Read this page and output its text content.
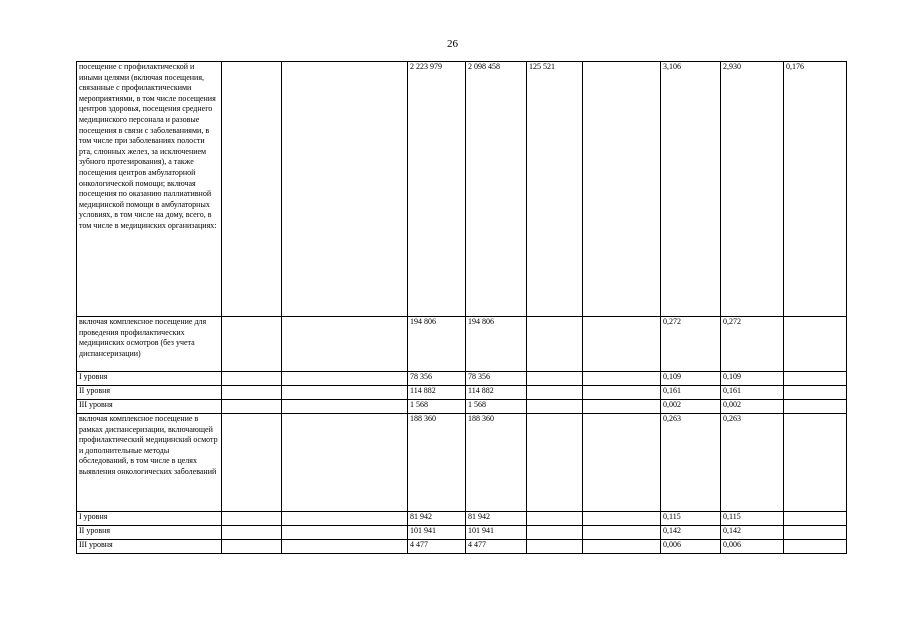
26
посещение с профилактической и иными целями (включая посещения, связанные с профилактическими мероприятиями, в том числе посещения центров здоровья, посещения среднего медицинского персонала и разовые посещения в связи с заболеваниями, в том числе при заболеваниях полости рта, слюнных желез, за исключением зубного протезирования), а также посещения центров амбулаторной онкологической помощи; включая посещения по оказанию паллиативной медицинской помощи в амбулаторных условиях, в том числе на дому, всего, в том числе в медицинских организациях:			2 223 979	2 098 458	125 521		3,106	2,930	0,176
включая комплексное посещение для проведения профилактических медицинских осмотров (без учета диспансеризации)			194 806	194 806			0,272	0,272	
I уровня			78 356	78 356			0,109	0,109	
II уровня			114 882	114 882			0,161	0,161	
III уровня			1 568	1 568			0,002	0,002	
включая комплексное посещение в рамках диспансеризации, включающей профилактический медицинский осмотр и дополнительные методы обследований, в том числе в целях выявления онкологических заболеваний			188 360	188 360			0,263	0,263	
I уровня			81 942	81 942			0,115	0,115	
II уровня			101 941	101 941			0,142	0,142	
III уровня			4 477	4 477			0,006	0,006	
